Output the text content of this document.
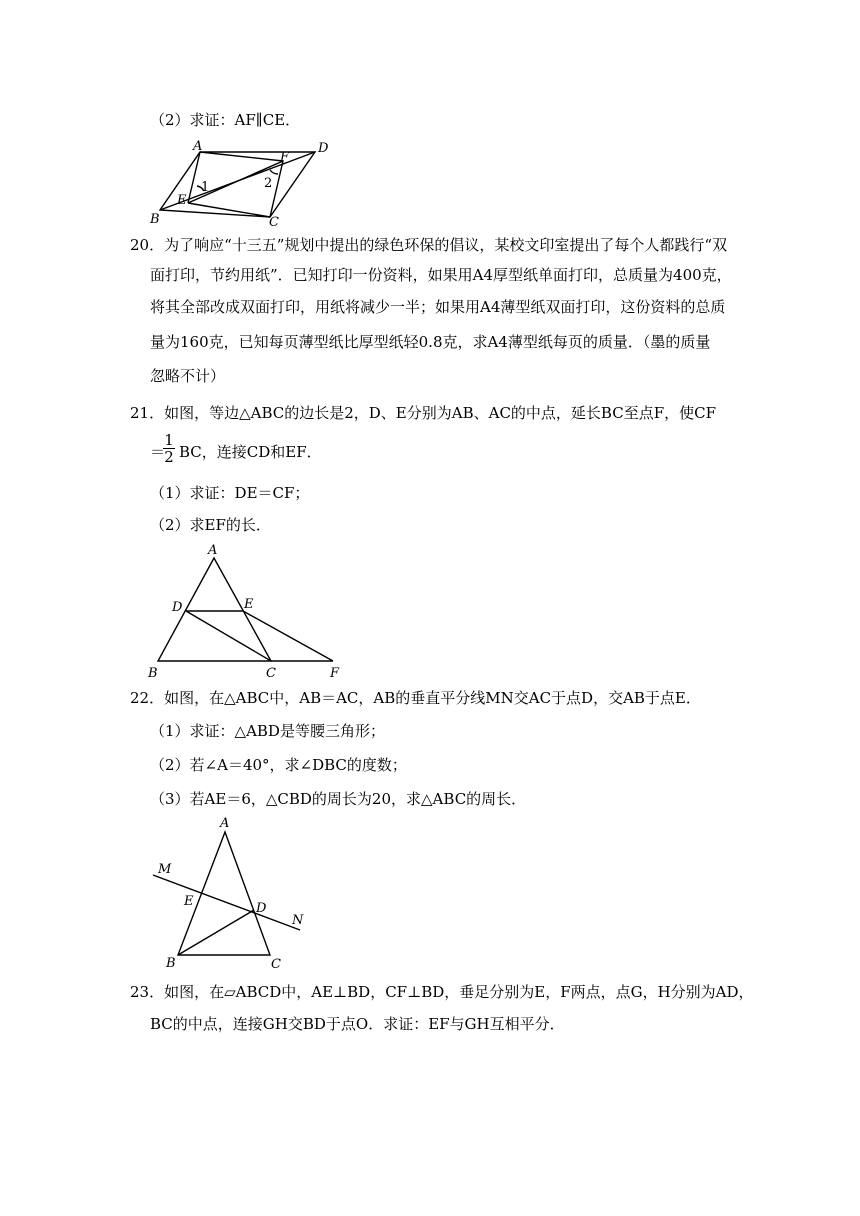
（2）求证：AF∥CE．
A	D
F
1	2
E
B	C
20．为了响应“十三五”规划中提出的绿色环保的倡议，某校文印室提出了每个人都践行“双
面打印，节约用纸”．已知打印一份资料，如果用A4厚型纸单面打印，总质量为400克，
将其全部改成双面打印，用纸将减少一半；如果用A4薄型纸双面打印，这份资料的总质
量为160克，已知每页薄型纸比厚型纸轻0.8克，求A4薄型纸每页的质量．（墨的质量
忽略不计）
21．如图，等边△ABC的边长是2，D、E分别为AB、AC的中点，延长BC至点F，使CF
＝
1
2 BC，连接CD和EF．
（1）求证：DE＝CF；
（2）求EF的长．
A
D	E
B	C	F
22．如图，在△ABC中，AB＝AC，AB的垂直平分线MN交AC于点D，交AB于点E．
（1）求证：△ABD是等腰三角形；
（2）若∠A＝40°，求∠DBC的度数；
（3）若AE＝6，△CBD的周长为20，求△ABC的周长．
A
M
E	D
N
B	C
23．如图，在▱ABCD中，AE⊥BD，CF⊥BD，垂足分别为E，F两点，点G，H分别为AD，
BC的中点，连接GH交BD于点O．求证：EF与GH互相平分．
